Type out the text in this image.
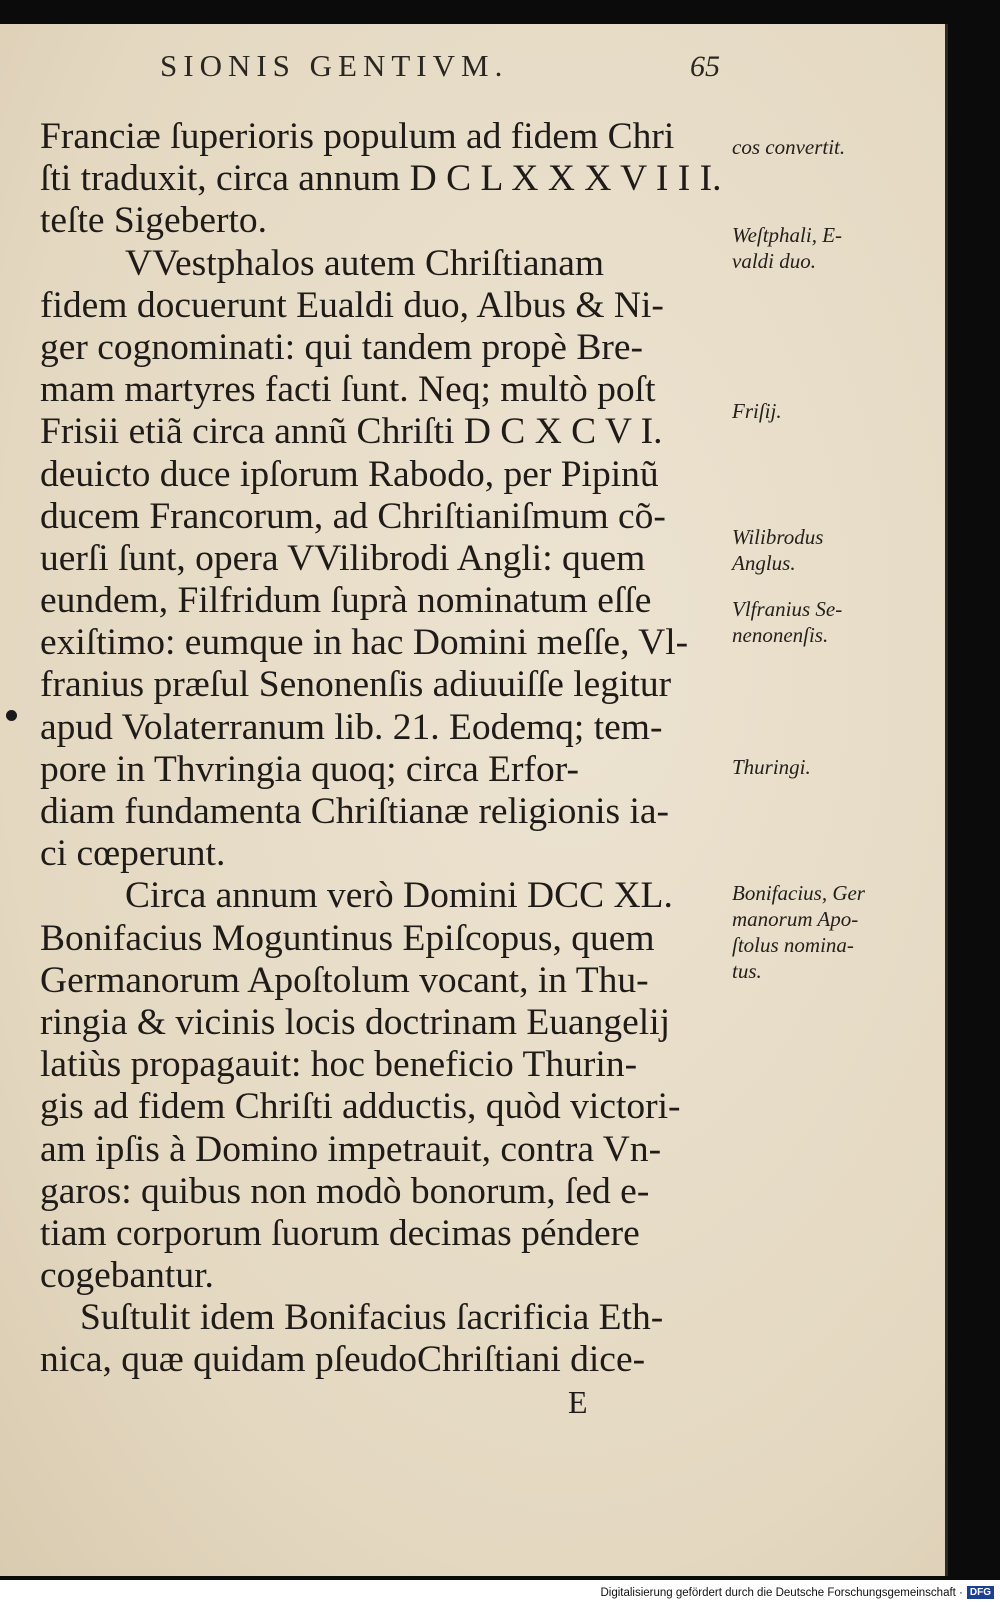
SIONIS GENTIVM.	65
Franciæ ſuperioris populum ad fidem Chri
ſti traduxit, circa annum D C L X X X V I I I.
teſte Sigeberto.
VVestphalos autem Chriſtianam
fidem docuerunt Eualdi duo, Albus & Ni-
ger cognominati: qui tandem propè Bre-
mam martyres facti ſunt. Neq; multò poſt
Frisii etiã circa annũ Chriſti D C X C V I.
deuicto duce ipſorum Rabodo, per Pipinũ
ducem Francorum, ad Chriſtianiſmum cõ-
uerſi ſunt, opera VVilibrodi Angli: quem
eundem, Filfridum ſuprà nominatum eſſe
exiſtimo: eumque in hac Domini meſſe, Vl-
franius præſul Senonenſis adiuuiſſe legitur
apud Volaterranum lib. 21. Eodemq; tem-
pore in Thvringia quoq; circa Erfor-
diam fundamenta Chriſtianæ religionis ia-
ci cœperunt.
Circa annum verò Domini DCC XL.
Bonifacius Moguntinus Epiſcopus, quem
Germanorum Apoſtolum vocant, in Thu-
ringia & vicinis locis doctrinam Euangelij
latiùs propagauit: hoc beneficio Thurin-
gis ad fidem Chriſti adductis, quòd victori-
am ipſis à Domino impetrauit, contra Vn-
garos: quibus non modò bonorum, ſed e-
tiam corporum ſuorum decimas péndere
cogebantur.
Suſtulit idem Bonifacius ſacrificia Eth-
nica, quæ quidam pſeudoChriſtiani dice-
cos convertit.
Weſtphali, E-
valdi duo.
Friſij.
Wilibrodus
Anglus.
Vlfranius Se-
nenonenſis.
Thuringi.
Bonifacius, Ger
manorum Apo-
ſtolus nomina-
tus.
E
Digitalisierung gefördert durch die Deutsche Forschungsgemeinschaft · DFG
